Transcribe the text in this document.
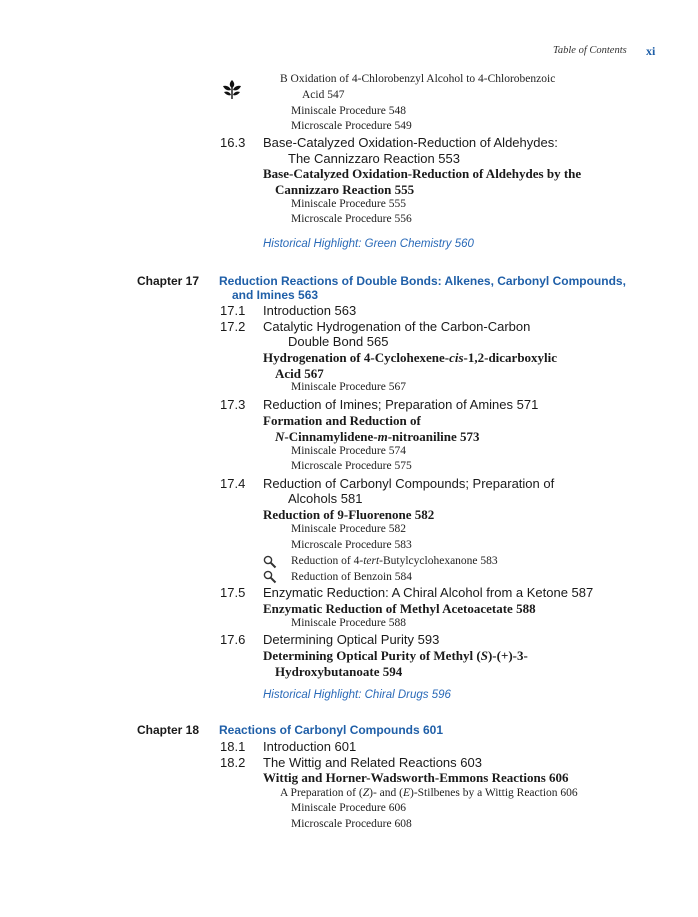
Table of Contents xi
B Oxidation of 4-Chlorobenzyl Alcohol to 4-Chlorobenzoic
Acid 547
Miniscale Procedure 548
Microscale Procedure 549
16.3 Base-Catalyzed Oxidation-Reduction of Aldehydes:
The Cannizzaro Reaction 553
Base-Catalyzed Oxidation-Reduction of Aldehydes by the
Cannizzaro Reaction 555
Miniscale Procedure 555
Microscale Procedure 556
Historical Highlight: Green Chemistry 560
Chapter 17 Reduction Reactions of Double Bonds: Alkenes, Carbonyl Compounds,
and Imines 563
17.1 Introduction 563
17.2 Catalytic Hydrogenation of the Carbon-Carbon
Double Bond 565
Hydrogenation of 4-Cyclohexene-cis-1,2-dicarboxylic
Acid 567
Miniscale Procedure 567
17.3 Reduction of Imines; Preparation of Amines 571
Formation and Reduction of
N-Cinnamylidene-m-nitroaniline 573
Miniscale Procedure 574
Microscale Procedure 575
17.4 Reduction of Carbonyl Compounds; Preparation of
Alcohols 581
Reduction of 9-Fluorenone 582
Miniscale Procedure 582
Microscale Procedure 583
Reduction of 4-tert-Butylcyclohexanone 583
Reduction of Benzoin 584
17.5 Enzymatic Reduction: A Chiral Alcohol from a Ketone 587
Enzymatic Reduction of Methyl Acetoacetate 588
Miniscale Procedure 588
17.6 Determining Optical Purity 593
Determining Optical Purity of Methyl (S)-(+)-3-
Hydroxybutanoate 594
Historical Highlight: Chiral Drugs 596
Chapter 18 Reactions of Carbonyl Compounds 601
18.1 Introduction 601
18.2 The Wittig and Related Reactions 603
Wittig and Horner-Wadsworth-Emmons Reactions 606
A Preparation of (Z)- and (E)-Stilbenes by a Wittig Reaction 606
Miniscale Procedure 606
Microscale Procedure 608
